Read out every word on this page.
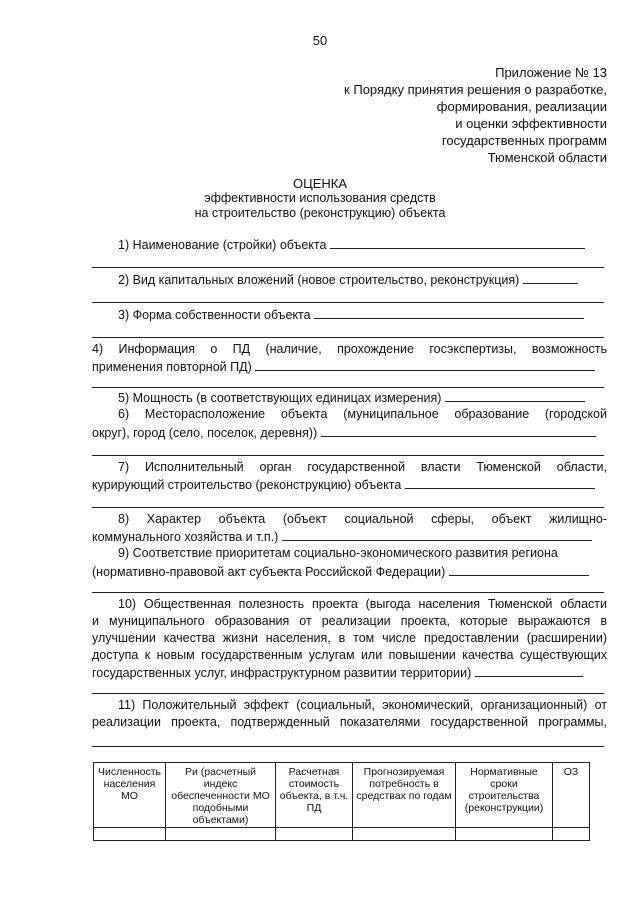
50
Приложение № 13
к Порядку принятия решения о разработке,
формирования, реализации
и оценки эффективности
государственных программ
Тюменской области
ОЦЕНКА
эффективности использования средств
на строительство (реконструкцию) объекта
1) Наименование (стройки) объекта
2) Вид капитальных вложений (новое строительство, реконструкция)
3) Форма собственности объекта
4) Информация о ПД (наличие, прохождение госэкспертизы, возможность
применения повторной ПД)
5) Мощность (в соответствующих единицах измерения)
6) Месторасположение объекта (муниципальное образование (городской
округ), город (село, поселок, деревня))
7) Исполнительный орган государственной власти Тюменской области,
курирующий строительство (реконструкцию) объекта
8) Характер объекта (объект социальной сферы, объект жилищно-
коммунального хозяйства и т.п.)
9) Соответствие приоритетам социально-экономического развития региона
(нормативно-правовой акт субъекта Российской Федерации)
10) Общественная полезность проекта (выгода населения Тюменской области
и муниципального образования от реализации проекта, которые выражаются в
улучшении качества жизни населения, в том числе предоставлении (расширении)
доступа к новым государственным услугам или повышении качества существующих
государственных услуг, инфраструктурном развитии территории)
11) Положительный эффект (социальный, экономический, организационный) от
реализации проекта, подтвержденный показателями государственной программы,
Численность населения МО	Ри (расчетный индекс обеспеченности МО подобными объектами)	Расчетная стоимость объекта, в т.ч. ПД	Прогнозируемая потребность в средствах по годам	Нормативные сроки строительства (реконструкции)	ОЗ
